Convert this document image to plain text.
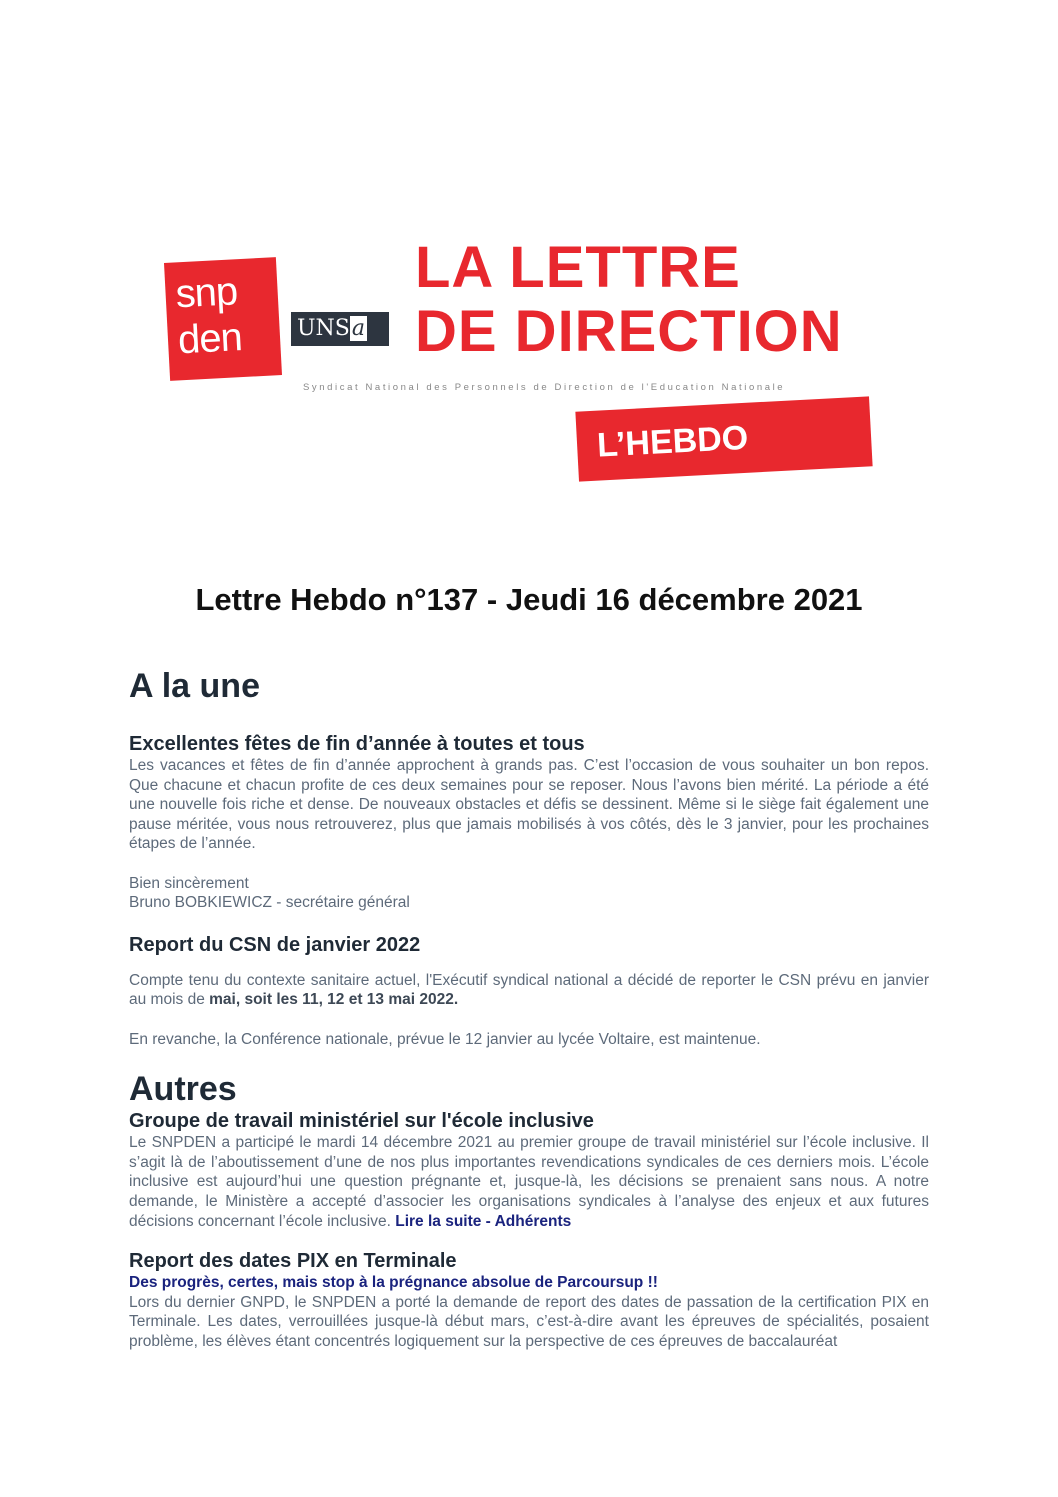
snp
den UNSa
LA LETTRE
DE DIRECTION
Syndicat National des Personnels de Direction de l'Education Nationale
L’HEBDO
Lettre Hebdo n°137 - Jeudi 16 décembre 2021
A la une
Excellentes fêtes de fin d’année à toutes et tous

Les vacances et fêtes de fin d’année approchent à grands pas. C’est l’occasion de vous souhaiter un bon repos. Que chacune et chacun profite de ces deux semaines pour se reposer. Nous l’avons bien mérité. La période a été une nouvelle fois riche et dense. De nouveaux obstacles et défis se dessinent. Même si le siège fait également une pause méritée, vous nous retrouverez, plus que jamais mobilisés à vos côtés, dès le 3 janvier, pour les prochaines étapes de l’année.

Bien sincèrement

Bruno BOBKIEWICZ - secrétaire général

Report du CSN de janvier 2022

Compte tenu du contexte sanitaire actuel, l'Exécutif syndical national a décidé de reporter le CSN prévu en janvier au mois de mai, soit les 11, 12 et 13 mai 2022.

En revanche, la Conférence nationale, prévue le 12 janvier au lycée Voltaire, est maintenue.

Autres
Groupe de travail ministériel sur l'école inclusive

Le SNPDEN a participé le mardi 14 décembre 2021 au premier groupe de travail ministériel sur l’école inclusive. Il s’agit là de l’aboutissement d’une de nos plus importantes revendications syndicales de ces derniers mois. L’école inclusive est aujourd’hui une question prégnante et, jusque-là, les décisions se prenaient sans nous. A notre demande, le Ministère a accepté d’associer les organisations syndicales à l’analyse des enjeux et aux futures décisions concernant l’école inclusive. Lire la suite - Adhérents

Report des dates PIX en Terminale

Des progrès, certes, mais stop à la prégnance absolue de Parcoursup !!

Lors du dernier GNPD, le SNPDEN a porté la demande de report des dates de passation de la certification PIX en Terminale. Les dates, verrouillées jusque-là début mars, c’est-à-dire avant les épreuves de spécialités, posaient problème, les élèves étant concentrés logiquement sur la perspective de ces épreuves de baccalauréat
